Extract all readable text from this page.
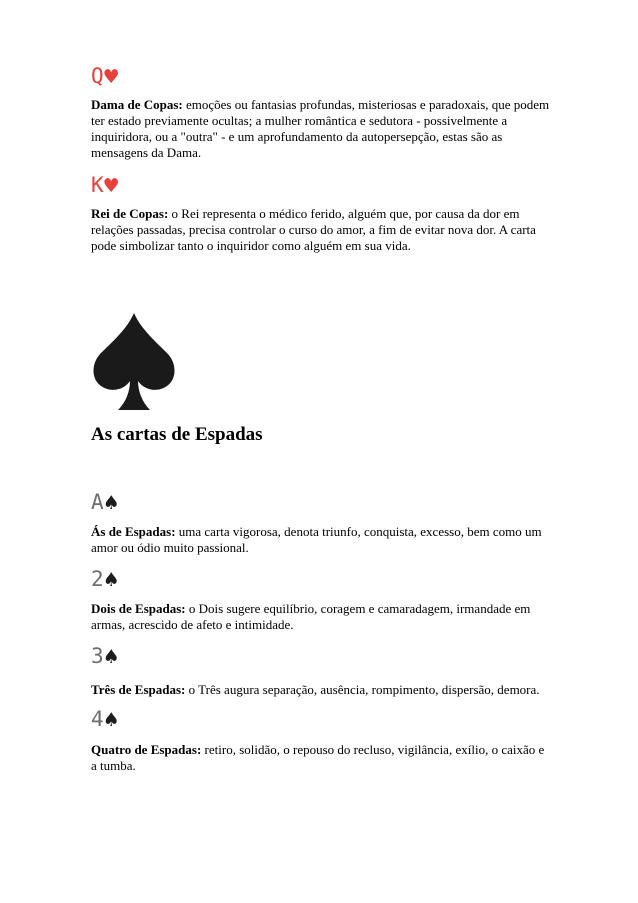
Q♥

Dama de Copas: emoções ou fantasias profundas, misteriosas e paradoxais, que podem ter estado previamente ocultas; a mulher romântica e sedutora - possivelmente a inquiridora, ou a "outra" - e um aprofundamento da autopersepção, estas são as mensagens da Dama.

K♥

Rei de Copas: o Rei representa o médico ferido, alguém que, por causa da dor em relações passadas, precisa controlar o curso do amor, a fim de evitar nova dor. A carta pode simbolizar tanto o inquiridor como alguém em sua vida.

As cartas de Espadas
A♠

Ás de Espadas: uma carta vigorosa, denota triunfo, conquista, excesso, bem como um amor ou ódio muito passional.

2♠

Dois de Espadas: o Dois sugere equilíbrio, coragem e camaradagem, irmandade em armas, acrescido de afeto e intimidade.

3♠

Três de Espadas: o Três augura separação, ausência, rompimento, dispersão, demora.

4♠

Quatro de Espadas: retiro, solidão, o repouso do recluso, vigilância, exílio, o caixão e a tumba.
